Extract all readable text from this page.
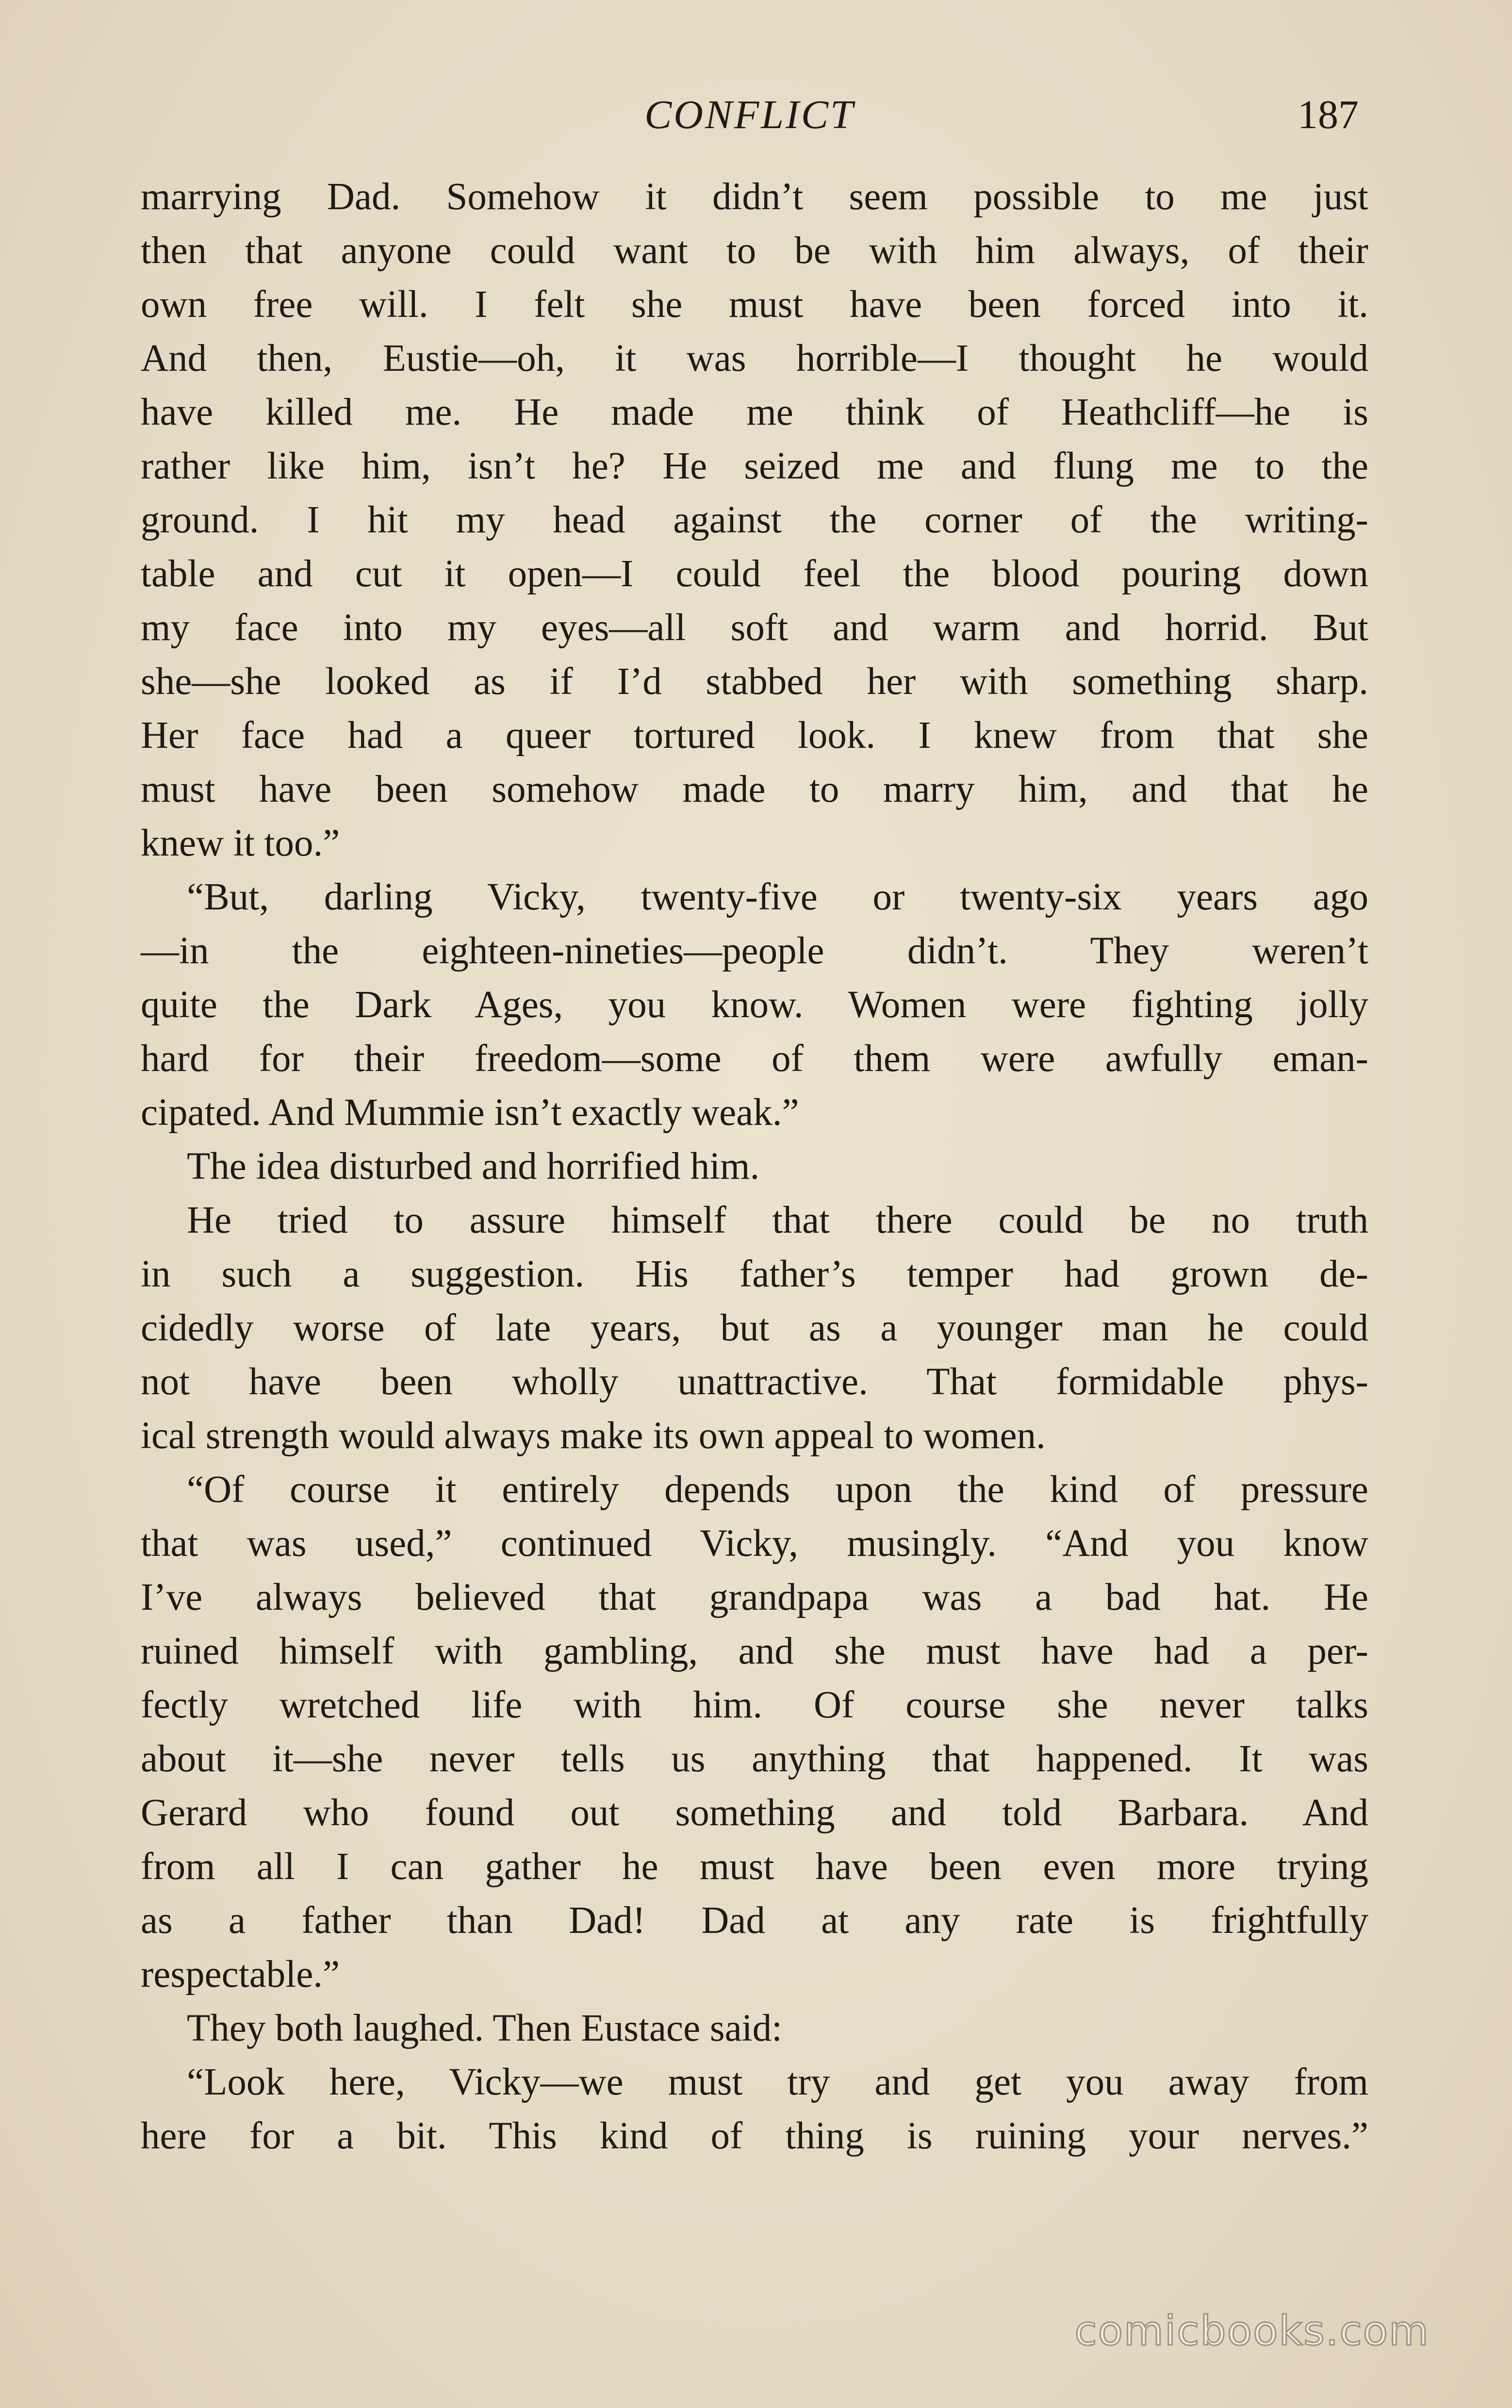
CONFLICT	187
marrying Dad. Somehow it didn’t seem possible to me just
then that anyone could want to be with him always, of their
own free will. I felt she must have been forced into it.
And then, Eustie—oh, it was horrible—I thought he would
have killed me. He made me think of Heathcliff—he is
rather like him, isn’t he? He seized me and flung me to the
ground. I hit my head against the corner of the writing-
table and cut it open—I could feel the blood pouring down
my face into my eyes—all soft and warm and horrid. But
she—she looked as if I’d stabbed her with something sharp.
Her face had a queer tortured look. I knew from that she
must have been somehow made to marry him, and that he
knew it too.”
“But, darling Vicky, twenty-five or twenty-six years ago
—in the eighteen-nineties—people didn’t. They weren’t
quite the Dark Ages, you know. Women were fighting jolly
hard for their freedom—some of them were awfully eman-
cipated. And Mummie isn’t exactly weak.”
The idea disturbed and horrified him.
He tried to assure himself that there could be no truth
in such a suggestion. His father’s temper had grown de-
cidedly worse of late years, but as a younger man he could
not have been wholly unattractive. That formidable phys-
ical strength would always make its own appeal to women.
“Of course it entirely depends upon the kind of pressure
that was used,” continued Vicky, musingly. “And you know
I’ve always believed that grandpapa was a bad hat. He
ruined himself with gambling, and she must have had a per-
fectly wretched life with him. Of course she never talks
about it—she never tells us anything that happened. It was
Gerard who found out something and told Barbara. And
from all I can gather he must have been even more trying
as a father than Dad! Dad at any rate is frightfully
respectable.”
They both laughed. Then Eustace said:
“Look here, Vicky—we must try and get you away from
here for a bit. This kind of thing is ruining your nerves.”
comicbooks.com
